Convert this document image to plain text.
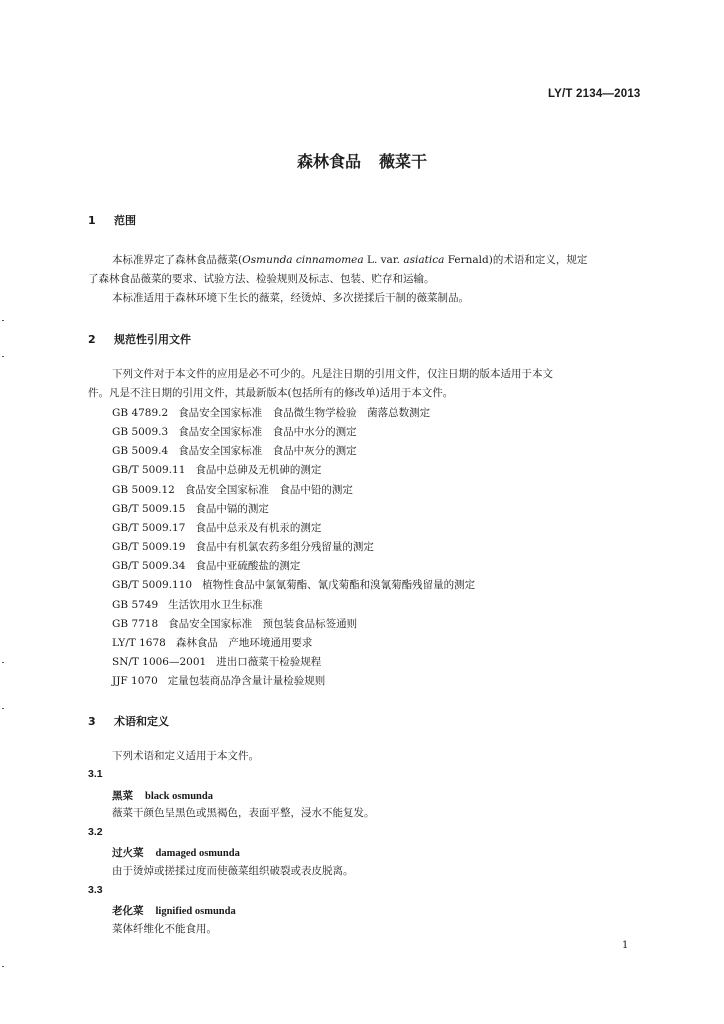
LY/T 2134—2013
森林食品 薇菜干
1 范围
本标准界定了森林食品薇菜(Osmunda cinnamomea L. var. asiatica Fernald)的术语和定义，规定
了森林食品薇菜的要求、试验方法、检验规则及标志、包装、贮存和运输。
本标准适用于森林环境下生长的薇菜，经烫焯、多次搓揉后干制的薇菜制品。
2 规范性引用文件
下列文件对于本文件的应用是必不可少的。凡是注日期的引用文件，仅注日期的版本适用于本文
件。凡是不注日期的引用文件，其最新版本(包括所有的修改单)适用于本文件。
GB 4789.2 食品安全国家标准　食品微生物学检验　菌落总数测定
GB 5009.3 食品安全国家标准　食品中水分的测定
GB 5009.4 食品安全国家标准　食品中灰分的测定
GB/T 5009.11 食品中总砷及无机砷的测定
GB 5009.12 食品安全国家标准　食品中铅的测定
GB/T 5009.15 食品中镉的测定
GB/T 5009.17 食品中总汞及有机汞的测定
GB/T 5009.19 食品中有机氯农药多组分残留量的测定
GB/T 5009.34 食品中亚硫酸盐的测定
GB/T 5009.110 植物性食品中氯氰菊酯、氰戊菊酯和溴氰菊酯残留量的测定
GB 5749 生活饮用水卫生标准
GB 7718 食品安全国家标准　预包装食品标签通则
LY/T 1678 森林食品　产地环境通用要求
SN/T 1006—2001 进出口薇菜干检验规程
JJF 1070 定量包装商品净含量计量检验规则
3 术语和定义
下列术语和定义适用于本文件。
3.1
黑菜 black osmunda
薇菜干颜色呈黑色或黑褐色，表面平整，浸水不能复发。
3.2
过火菜 damaged osmunda
由于烫焯或搓揉过度而使薇菜组织破裂或表皮脱离。
3.3
老化菜 lignified osmunda
菜体纤维化不能食用。
1
